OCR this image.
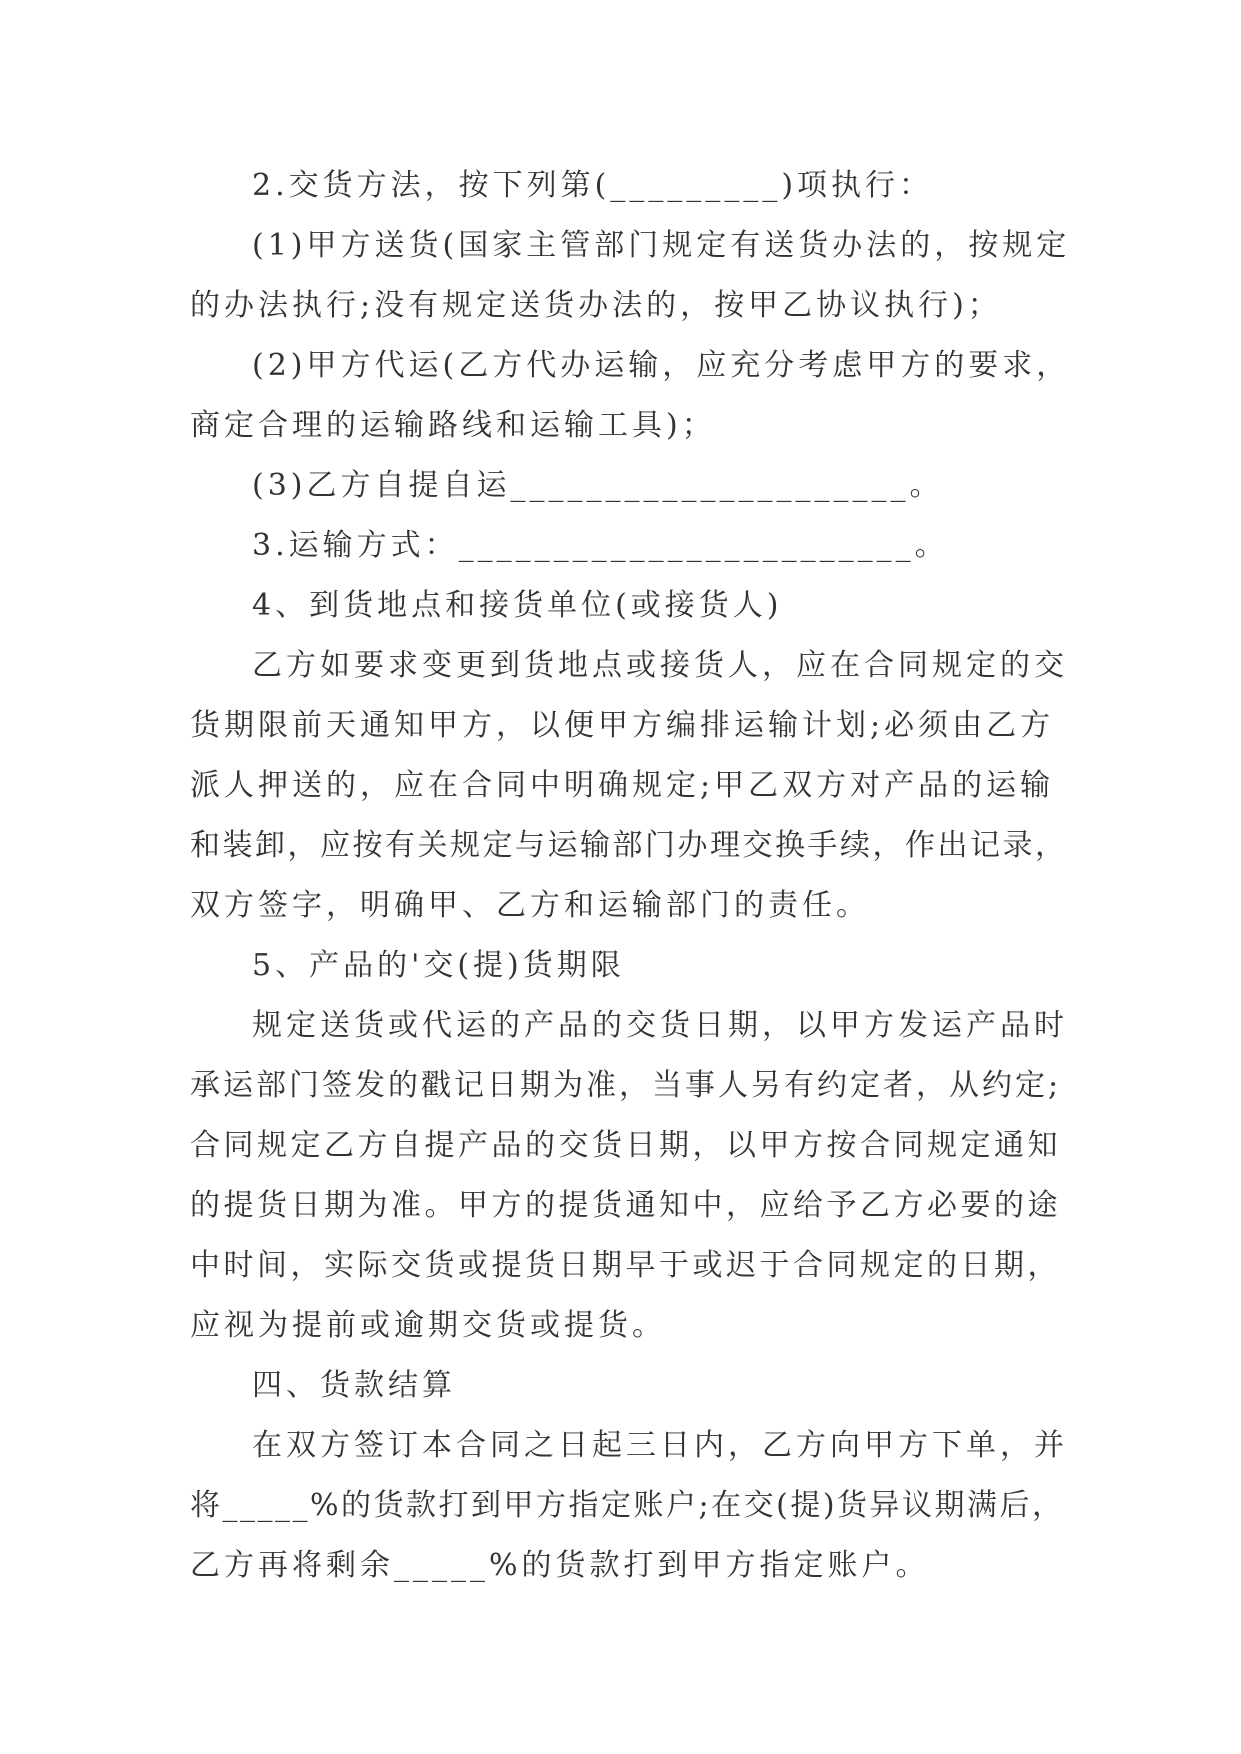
2.交货方法，按下列第(_________)项执行：
(1)甲方送货(国家主管部门规定有送货办法的，按规定
的办法执行;没有规定送货办法的，按甲乙协议执行)；
(2)甲方代运(乙方代办运输，应充分考虑甲方的要求，
商定合理的运输路线和运输工具)；
(3)乙方自提自运_____________________。
3.运输方式：________________________。
4、到货地点和接货单位(或接货人)
乙方如要求变更到货地点或接货人，应在合同规定的交
货期限前天通知甲方，以便甲方编排运输计划;必须由乙方
派人押送的，应在合同中明确规定;甲乙双方对产品的运输
和装卸，应按有关规定与运输部门办理交换手续，作出记录，
双方签字，明确甲、乙方和运输部门的责任。
5、产品的'交(提)货期限
规定送货或代运的产品的交货日期，以甲方发运产品时
承运部门签发的戳记日期为准，当事人另有约定者，从约定;
合同规定乙方自提产品的交货日期，以甲方按合同规定通知
的提货日期为准。甲方的提货通知中，应给予乙方必要的途
中时间，实际交货或提货日期早于或迟于合同规定的日期，
应视为提前或逾期交货或提货。
四、货款结算
在双方签订本合同之日起三日内，乙方向甲方下单，并
将_____%的货款打到甲方指定账户;在交(提)货异议期满后，
乙方再将剩余_____%的货款打到甲方指定账户。
